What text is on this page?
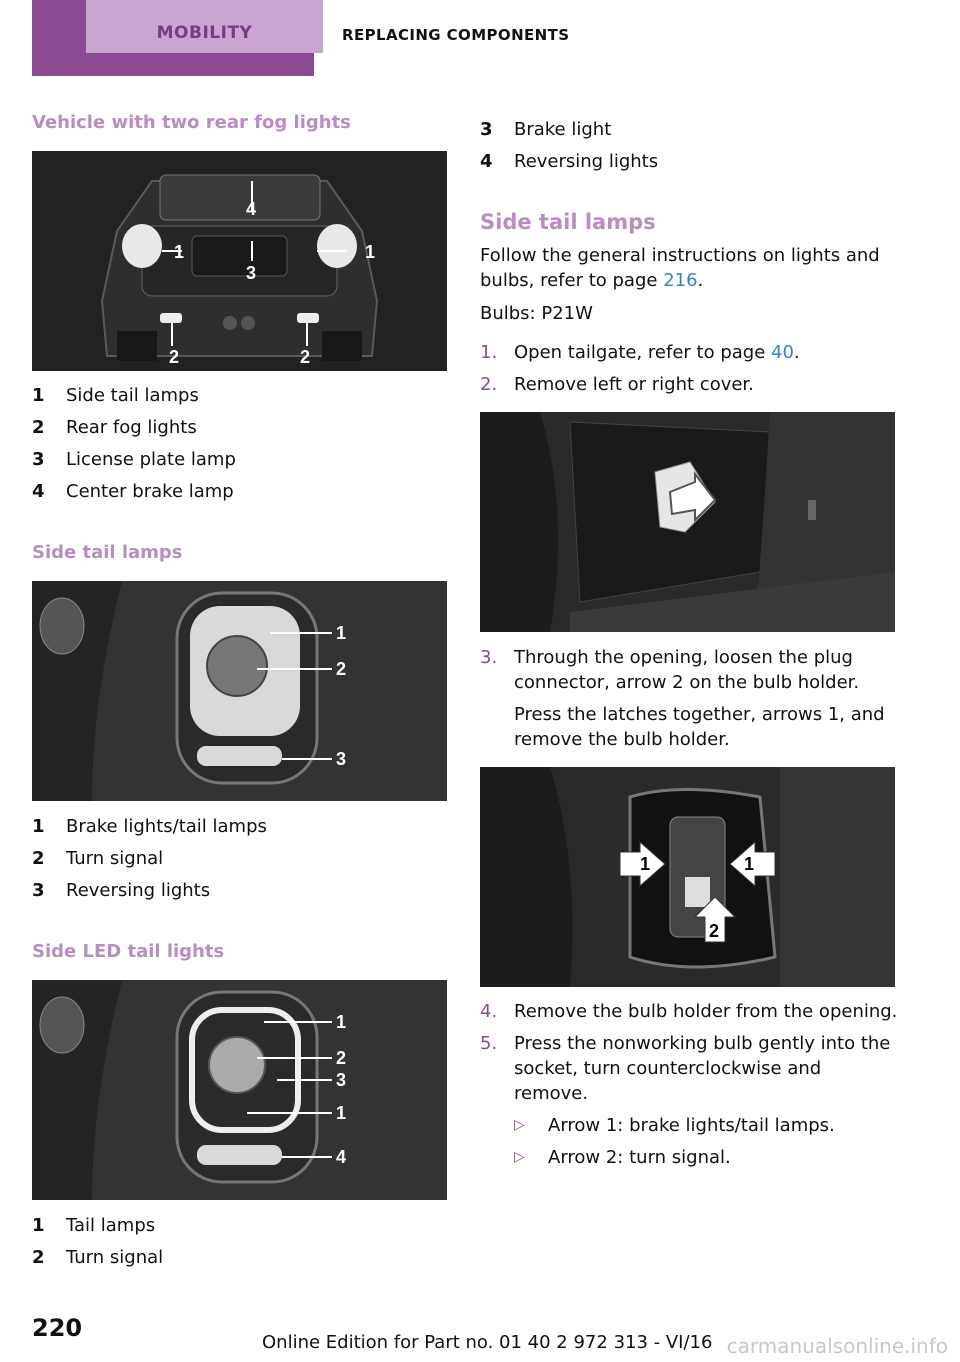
MOBILITY	REPLACING COMPONENTS
Vehicle with two rear fog lights
4
1	1
3
2	2
1	Side tail lamps
2	Rear fog lights
3	License plate lamp
4	Center brake lamp
Side tail lamps
1
2
3
1	Brake lights/tail lamps
2	Turn signal
3	Reversing lights
Side LED tail lights
1
2
3
1
4
1	Tail lamps
2	Turn signal
3	Brake light
4	Reversing lights
Side tail lamps
Follow the general instructions on lights and bulbs, refer to page 216.
Bulbs: P21W
1. Open tailgate, refer to page 40.
2. Remove left or right cover.
3. Through the opening, loosen the plug connector, arrow 2 on the bulb holder.
Press the latches together, arrows 1, and remove the bulb holder.
1	1
2
4. Remove the bulb holder from the opening.
5. Press the nonworking bulb gently into the socket, turn counterclockwise and remove.
▷	Arrow 1: brake lights/tail lamps.
▷	Arrow 2: turn signal.
220
Online Edition for Part no. 01 40 2 972 313 - VI/16 carmanualsonline.info
